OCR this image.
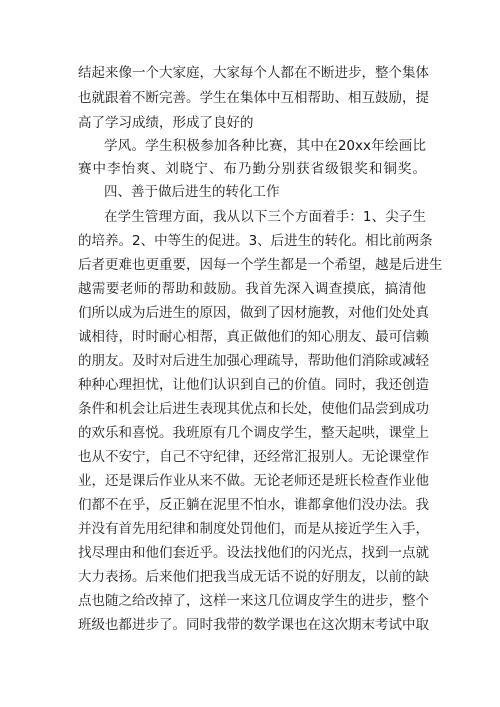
结起来像一个大家庭，大家每个人都在不断进步，整个集体
也就跟着不断完善。学生在集体中互相帮助、相互鼓励，提
高了学习成绩，形成了良好的
学风。学生积极参加各种比赛，其中在20xx年绘画比
赛中李怡爽、刘晓宁、布乃勤分别获省级银奖和铜奖。
四、善于做后进生的转化工作
在学生管理方面，我从以下三个方面着手：1、尖子生
的培养。2、中等生的促进。3、后进生的转化。相比前两条
后者更难也更重要，因每一个学生都是一个希望，越是后进生
越需要老师的帮助和鼓励。我首先深入调查摸底，搞清他
们所以成为后进生的原因，做到了因材施教，对他们处处真
诚相待，时时耐心相帮，真正做他们的知心朋友、最可信赖
的朋友。及时对后进生加强心理疏导，帮助他们消除或减轻
种种心理担忧，让他们认识到自己的价值。同时，我还创造
条件和机会让后进生表现其优点和长处，使他们品尝到成功
的欢乐和喜悦。我班原有几个调皮学生，整天起哄，课堂上
也从不安宁，自己不守纪律，还经常汇报别人。无论课堂作
业，还是课后作业从来不做。无论老师还是班长检查作业他
们都不在乎，反正躺在泥里不怕水，谁都拿他们没办法。我
并没有首先用纪律和制度处罚他们，而是从接近学生入手，
找尽理由和他们套近乎。设法找他们的闪光点，找到一点就
大力表扬。后来他们把我当成无话不说的好朋友，以前的缺
点也随之给改掉了，这样一来这几位调皮学生的进步，整个
班级也都进步了。同时我带的数学课也在这次期末考试中取
